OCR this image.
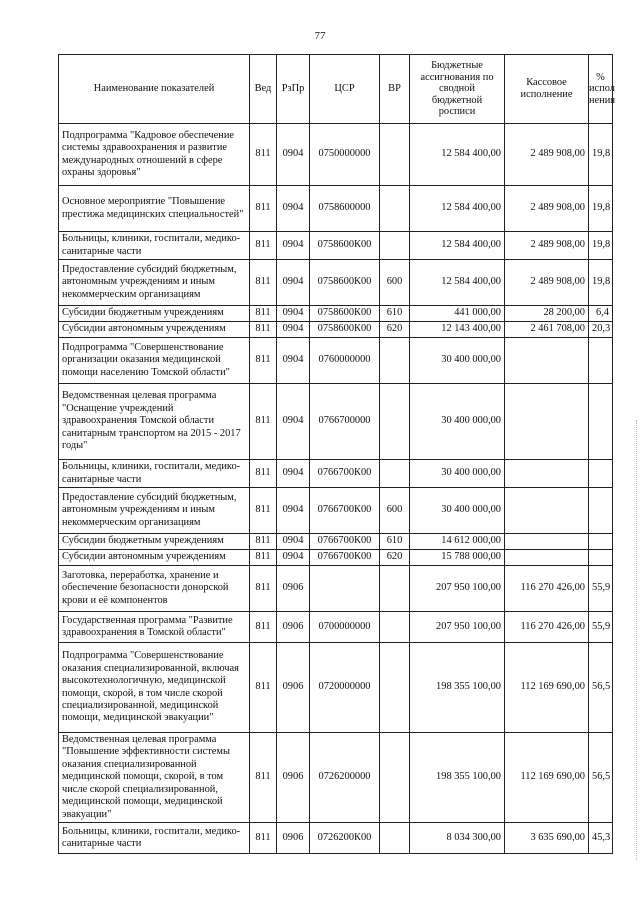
77
Наименование показателей	Вед	РзПр	ЦСР	ВР	Бюджетные ассигнования по сводной бюджетной росписи	Кассовое исполнение	% испол нения
Подпрограмма "Кадровое обеспечение системы здравоохранения и развитие международных отношений в сфере охраны здоровья"	811	0904	0750000000		12 584 400,00	2 489 908,00	19,8
Основное мероприятие "Повышение престижа медицинских специальностей"	811	0904	0758600000		12 584 400,00	2 489 908,00	19,8
Больницы, клиники, госпитали, медико-санитарные части	811	0904	0758600К00		12 584 400,00	2 489 908,00	19,8
Предоставление субсидий бюджетным, автономным учреждениям и иным некоммерческим организациям	811	0904	0758600К00	600	12 584 400,00	2 489 908,00	19,8
Субсидии бюджетным учреждениям	811	0904	0758600К00	610	441 000,00	28 200,00	6,4
Субсидии автономным учреждениям	811	0904	0758600К00	620	12 143 400,00	2 461 708,00	20,3
Подпрограмма "Совершенствование организации оказания медицинской помощи населению Томской области"	811	0904	0760000000		30 400 000,00		
Ведомственная целевая программа "Оснащение учреждений здравоохранения Томской области санитарным транспортом на 2015 - 2017 годы"	811	0904	0766700000		30 400 000,00		
Больницы, клиники, госпитали, медико-санитарные части	811	0904	0766700К00		30 400 000,00		
Предоставление субсидий бюджетным, автономным учреждениям и иным некоммерческим организациям	811	0904	0766700К00	600	30 400 000,00		
Субсидии бюджетным учреждениям	811	0904	0766700К00	610	14 612 000,00		
Субсидии автономным учреждениям	811	0904	0766700К00	620	15 788 000,00		
Заготовка, переработка, хранение и обеспечение безопасности донорской крови и её компонентов	811	0906			207 950 100,00	116 270 426,00	55,9
Государственная программа "Развитие здравоохранения в Томской области"	811	0906	0700000000		207 950 100,00	116 270 426,00	55,9
Подпрограмма "Совершенствование оказания специализированной, включая высокотехнологичную, медицинской помощи, скорой, в том числе скорой специализированной, медицинской помощи, медицинской эвакуации"	811	0906	0720000000		198 355 100,00	112 169 690,00	56,5
Ведомственная целевая программа "Повышение эффективности системы оказания специализированной медицинской помощи, скорой, в том числе скорой специализированной, медицинской помощи, медицинской эвакуации"	811	0906	0726200000		198 355 100,00	112 169 690,00	56,5
Больницы, клиники, госпитали, медико-санитарные части	811	0906	0726200К00		8 034 300,00	3 635 690,00	45,3
